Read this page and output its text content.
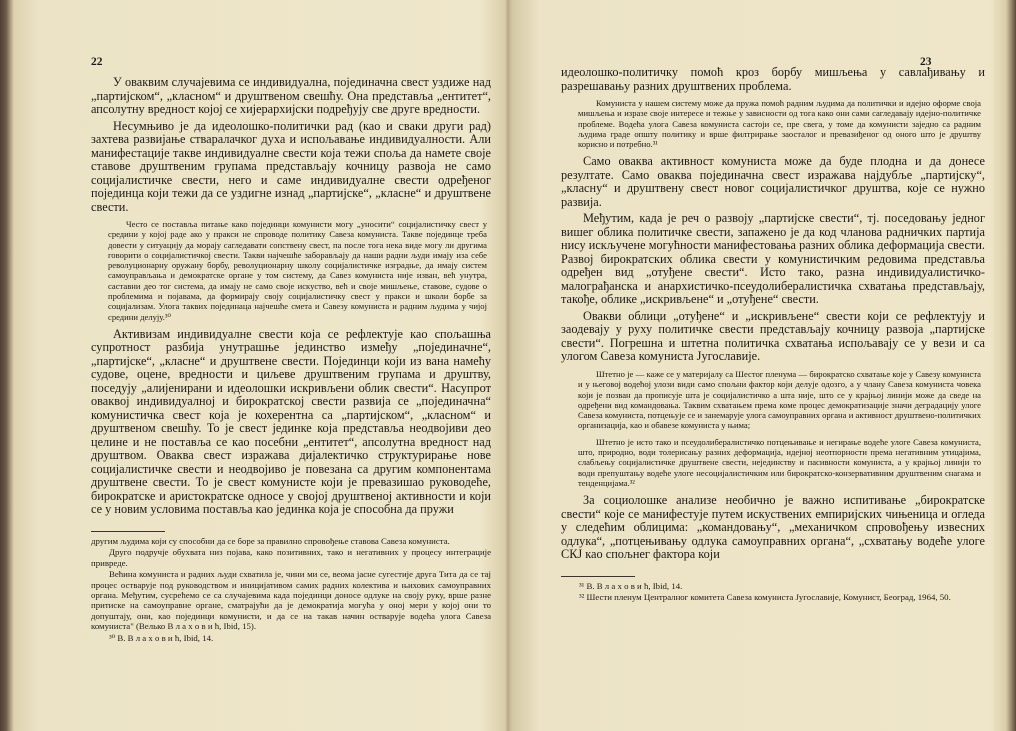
22

У оваквим случајевима се индивидуална, појединачна свест уздиже над „партијском“, „класном“ и друштвеном свешћу. Она представља „ентитет“, апсолутну вредност којој се хијерархијски подређују све друге вредности.

Несумњиво је да идеолошко-политички рад (као и сваки други рад) захтева развијање стваралачког духа и испољавање индивидуалности. Али манифестације такве индивидуалне свести која тежи споља да намете своје ставове друштвеним групама представљају кочницу развоја не само социјалистичке свести, него и саме индивидуалне свести одређеног појединца који тежи да се уздигне изнад „партијске“, „класне“ и друштвене свести.

Често се постављa питање како појединци комунисти могу „уносити“ социјалистичку свест у средини у којој раде ако у пракси не спроводе политику Савеза комуниста. Такве појединце треба довести у ситуацију да морају сагледавати сопствену свест, па после тога нека виде могу ли другима говорити о социјалистичкој свести. Такви најчешће заборављају да наши радни људи имају иза себе револуционарну оружану борбу, револуционарну школу социјалистичке изградње, да имају систем самоуправљања и демократске органе у том систему, да Савез комуниста није изван, већ унутра, саставни део тог система, да имају не само своје искуство, већ и своје мишљење, ставове, судове о проблемима и појавама, да формирају своју социјалистичку свест у пракси и школи борбе за социјализам. Улога таквих појединаца најчешће смета и Савезу комуниста и радним људима у чијој средини делују.³⁰

Активизам индивидуалне свести која се рефлектује као спољашња супротност разбија унутрашње јединство између „појединачне“, „партијске“, „класне“ и друштвене свести. Појединци који из вана намећу судове, оцене, вредности и циљеве друштвеним групама и друштву, поседују „алијенирани и идеолошки искривљени облик свести“. Насупрот оваквој индивидуалној и бирократској свести развија се „појединачна“ комунистичка свест која је кохерентна са „партијском“, „класном“ и друштвеном свешћу. То је свест јединке која представља неодвојиви део целине и не поставља се као посебни „ентитет“, апсолутна вредност над друштвом. Оваква свест изражава дијалектичко структурирање нове социјалистичке свести и неодвојиво је повезана са другим компонентама друштвене свести. То је свест комунисте који је превазишао руководеће, бирократске и аристократске односе у својој друштвеној активности и који се у новим условима поставља као јединка која је способна да пружи

другим људима који су способни да се боре за правилно спровођење ставова Савеза комуниста.

Друго подручје обухвата низ појава, како позитивних, тако и негативних у процесу интеграције привреде.

Већина комуниста и радних људи схватила је, чини ми се, веома јасне сугестије друга Тита да се тај процес остварује под руководством и иницијативом самих радних колектива и њихових самоуправних органа. Међутим, сусрећемо се са случајевима када појединци доносе одлуке на своју руку, врше разне притиске на самоуправне органе, сматрајући да је демократија могућа у оној мери у којој они то допуштају, они, као појединци комунисти, и да се на такав начин остварује водећа улога Савеза комуниста" (Велько В л а х о в и ћ, Ibid, 15).

³⁰ В. В л а х о в и ћ, Ibid, 14.

23

идеолошко-политичку помоћ кроз борбу мишљења у савлађивању и разрешавању разних друштвених проблема.

Комуниста у нашем систему може да пружа помоћ радним људима да политички и идејно оформе своја мишљења и изразе своје интересе и тежње у зависности од тога како они сами сагледавају идејно-политичке проблеме. Водећа улога Савеза комуниста састоји се, пре свега, у томе да комунисти заједно са радним људима граде општу политику и врше филтрирање заосталог и превазиђеног од оного што је друштву корисно и потребно.³¹

Само оваква активност комуниста може да буде плодна и да донесе резултате. Само оваква појединачна свест изражава најдубље „партијску“, „класну“ и друштвену свест новог социјалистичког друштва, које се нужно развија.

Међутим, када је реч о развоју „партијске свести“, тј. поседовању једног вишег облика политичке свести, запажено је да код чланова радничких партија нису искључене могућности манифестовања разних облика деформација свести. Развој бирократских облика свести у комунистичким редовима представља одређен вид „отуђене свести“. Исто тако, разна индивидуалистичко-малограђанска и анархистичко-псеудолибералистичка схватања представљају, такође, облике „искривљене“ и „отуђене“ свести.

Овакви облици „отуђене“ и „искривљене“ свести који се рефлектују и заодевају у руху политичке свести представљају кочницу развоја „партијске свести“. Погрешна и штетна политичка схватања испољавају се у вези и са улогом Савеза комуниста Југославије.

Штетно је — каже се у материјалу са Шестог пленума — бирократско схватање које у Савезу комуниста и у његовој водећој улози види само спољни фактор који делује одозго, а у члану Савеза комуниста човека који је позван да прописује шта је социјалистичко а шта није, што се у крајњој линији може да сведе на одређени вид командовања. Таквим схватањем према коме процес демократизације значи деградацију улоге Савеза комуниста, потцењује се и занемарује улога самоуправних органа и активност друштвено-политичких организација, као и обавезе комуниста у њима;

Штетно је исто тако и псеудолибералистичко потцењивање и негирање водеће улоге Савеза комуниста, што, природно, води толерисању разних деформација, идејној неотпорности према негативним утицајима, слабљењу социјалистичке друштвене свести, нејединству и пасивности комуниста, а у крајњој линији то води препуштању водеће улоге несоцијалистичким или бирократско-конзервативним друштвеним снагама и тенденцијама.³²

За социолошке анализе необично је важно испитивање „бирократске свести“ које се манифестује путем искуствених емпиријских чињеница и огледа у следећим облицима: „командовању“, „механичком спровођењу извесних одлука“, „потцењивању одлука самоуправних органа“, „схватању водеће улоге СКЈ као спољнег фактора који

³¹ В. В л а х о в и ћ, Ibid, 14.

³² Шести пленум Централног комитета Савеза комуниста Југославије, Комунист, Београд, 1964, 50.
